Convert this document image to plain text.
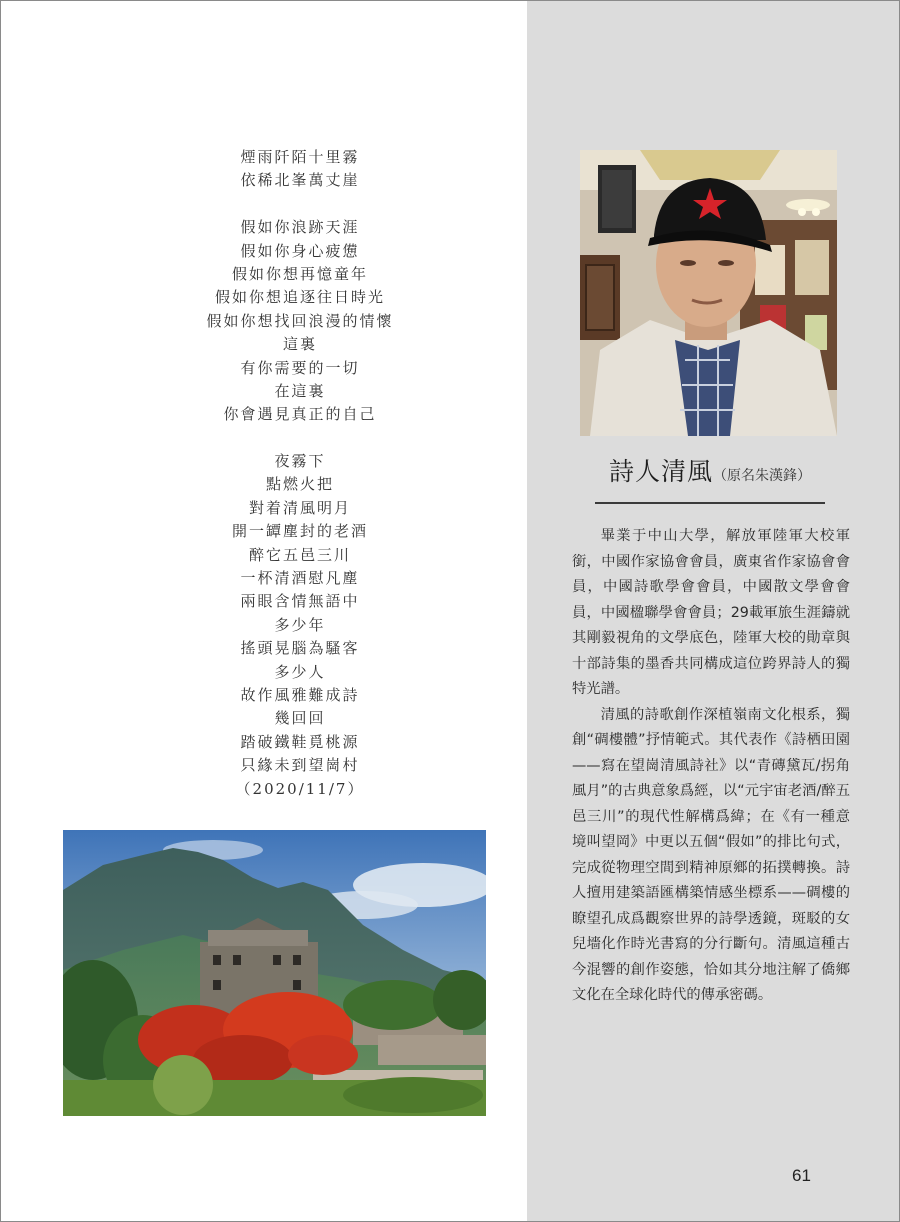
煙雨阡陌十里霧
依稀北峯萬丈崖
假如你浪跡天涯
假如你身心疲憊
假如你想再憶童年
假如你想追逐往日時光
假如你想找回浪漫的情懷
這裏
有你需要的一切
在這裏
你會遇見真正的自己
夜霧下
點燃火把
對着清風明月
開一罈塵封的老酒
醉它五邑三川
一杯清酒慰凡塵
兩眼含情無語中
多少年
搖頭晃腦為騷客
多少人
故作風雅難成詩
幾回回
踏破鐵鞋覓桃源
只緣未到望崗村
（2020/11/7）
詩人清風（原名朱漢鋒）

畢業于中山大學，解放軍陸軍大校軍銜，中國作家協會會員，廣東省作家協會會員，中國詩歌學會會員，中國散文學會會員，中國楹聯學會會員；29載軍旅生涯鑄就其剛毅視角的文學底色，陸軍大校的勛章與十部詩集的墨香共同構成這位跨界詩人的獨特光譜。

清風的詩歌創作深植嶺南文化根系，獨創“碉樓體”抒情範式。其代表作《詩栖田園——寫在望崗清風詩社》以“青磚黛瓦/拐角風月”的古典意象爲經，以“元宇宙老酒/醉五邑三川”的現代性解構爲緯；在《有一種意境叫望岡》中更以五個“假如”的排比句式，完成從物理空間到精神原鄉的拓撲轉換。詩人擅用建築語匯構築情感坐標系——碉樓的瞭望孔成爲觀察世界的詩學透鏡，斑駁的女兒墻化作時光書寫的分行斷句。清風這種古今混響的創作姿態，恰如其分地注解了僑鄉文化在全球化時代的傳承密碼。

61
